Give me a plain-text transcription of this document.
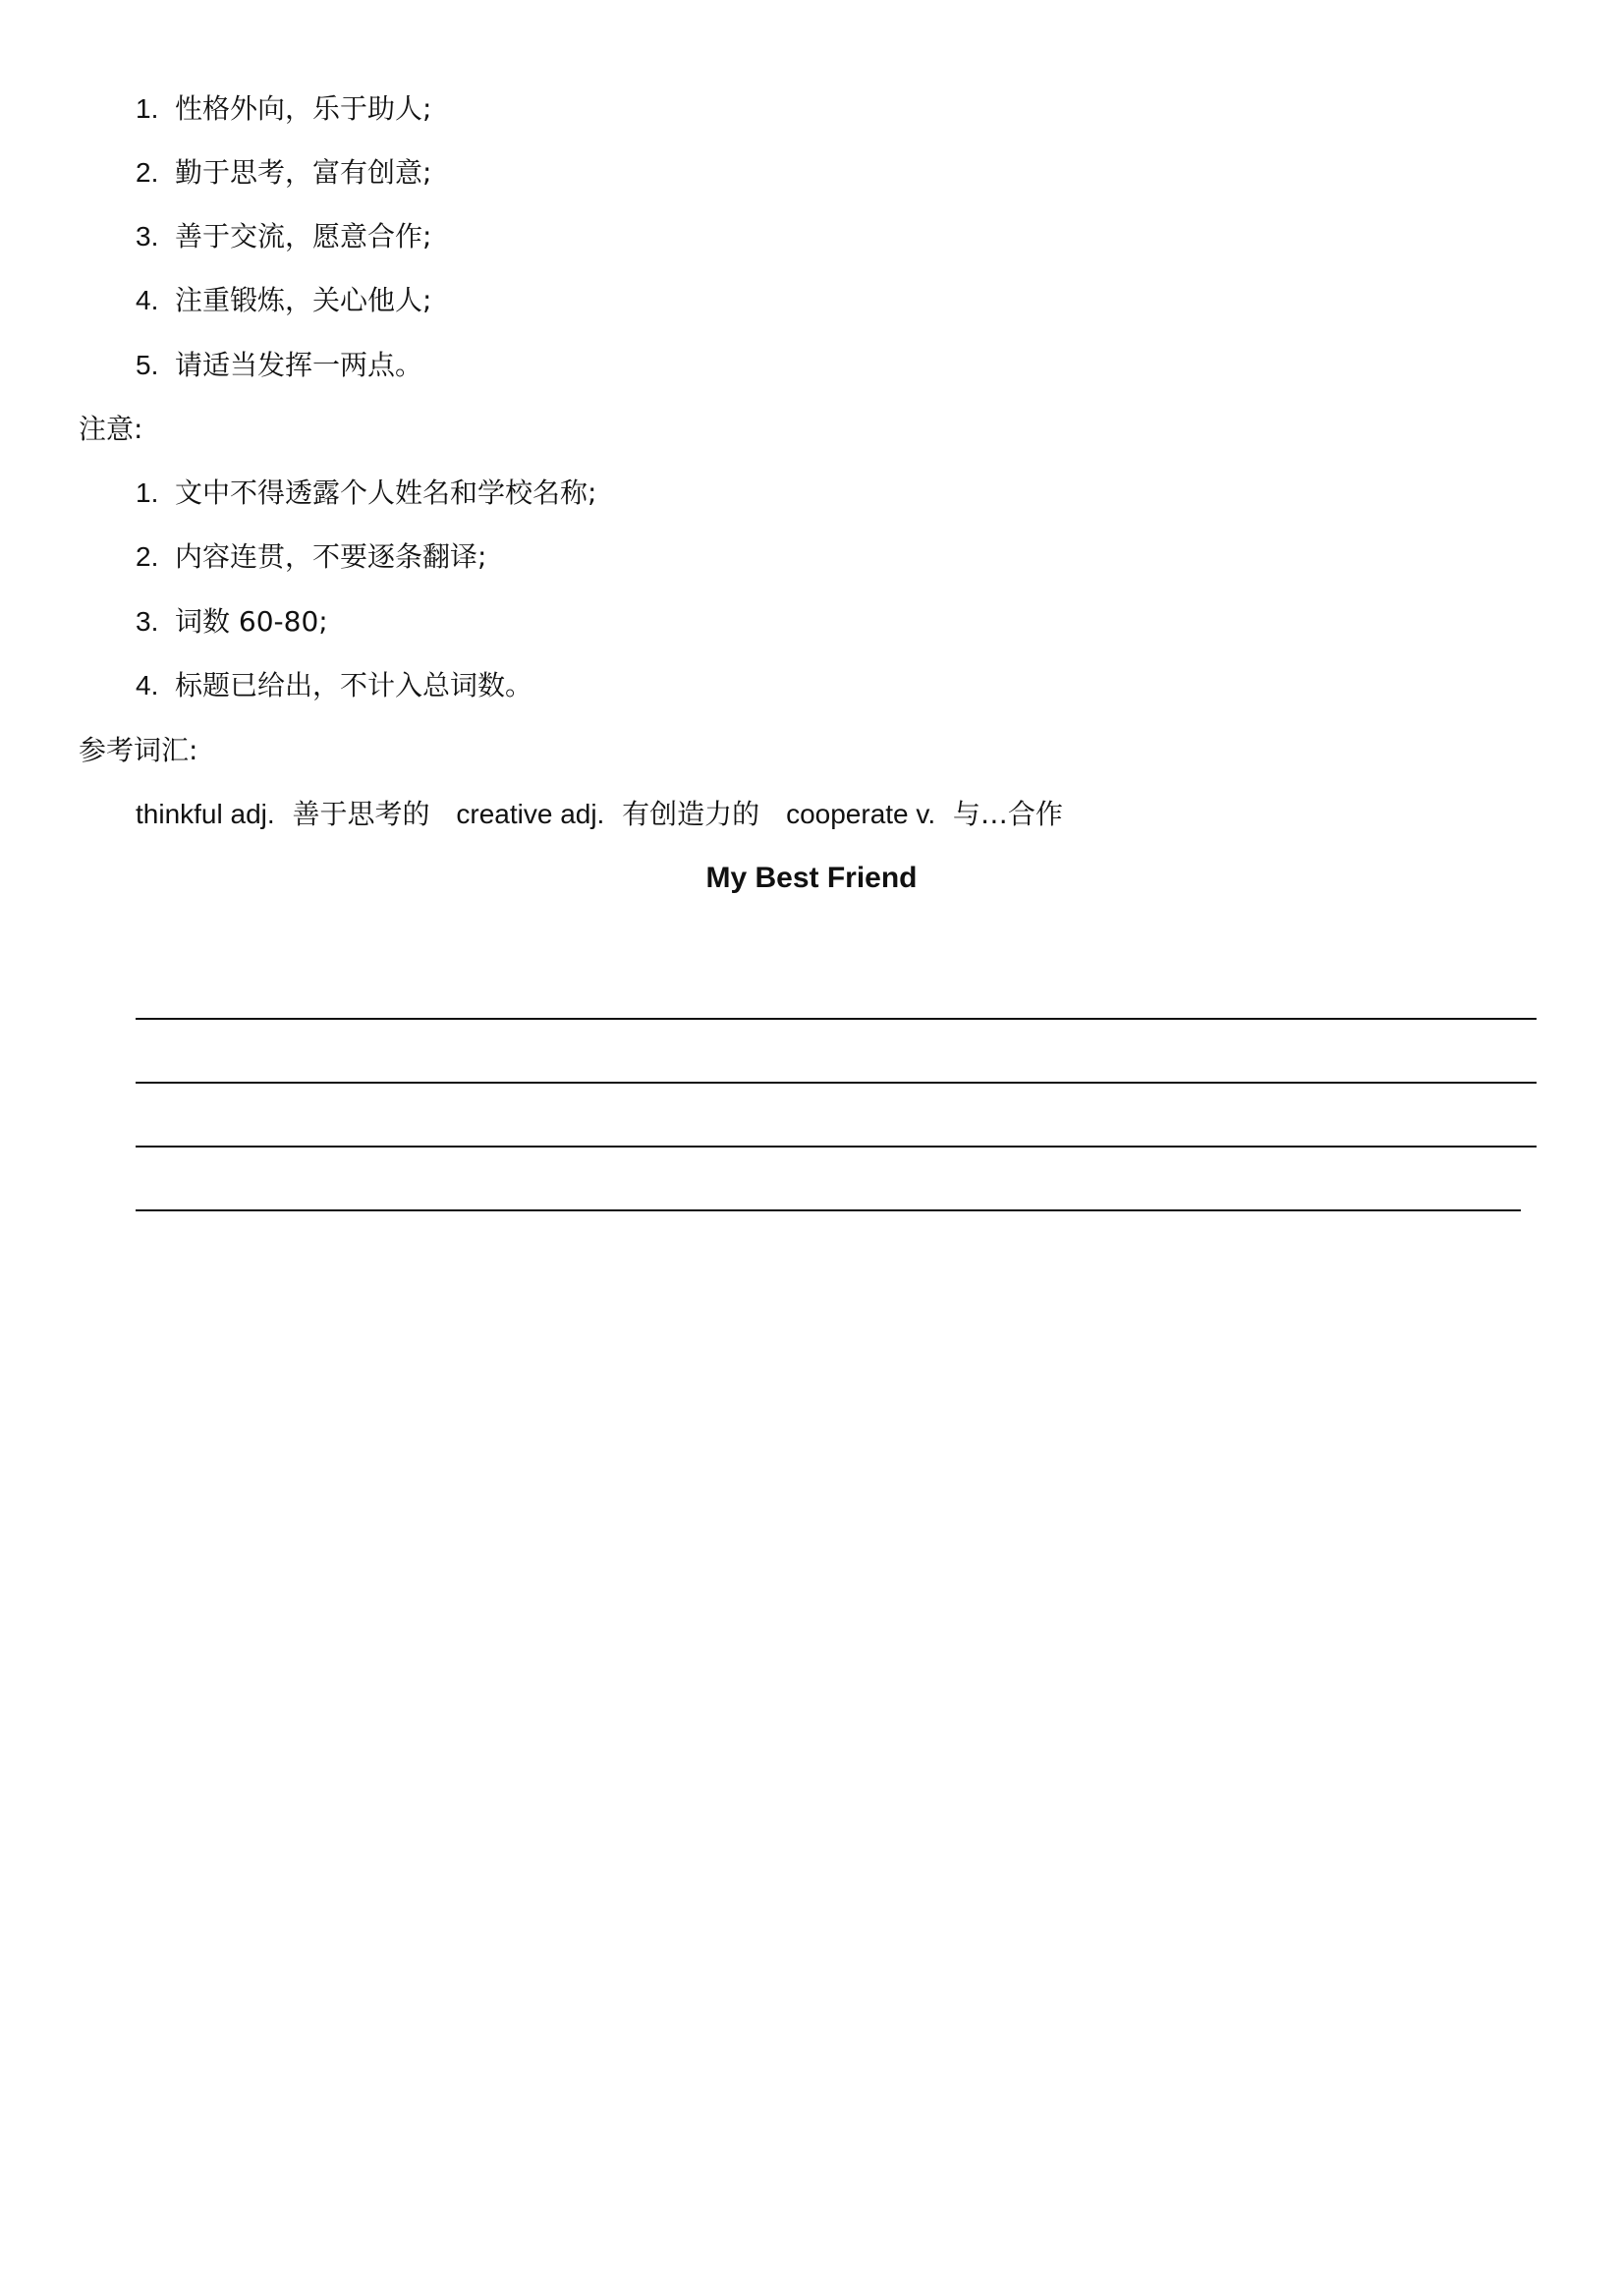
1. 性格外向，乐于助人;
2. 勤于思考，富有创意;
3. 善于交流，愿意合作;
4. 注重锻炼，关心他人;
5. 请适当发挥一两点。
注意:
1. 文中不得透露个人姓名和学校名称;
2. 内容连贯，不要逐条翻译;
3. 词数 60-80;
4. 标题已给出，不计入总词数。
参考词汇:
thinkful adj. 善于思考的 creative adj. 有创造力的 cooperate v. 与…合作
My Best Friend
